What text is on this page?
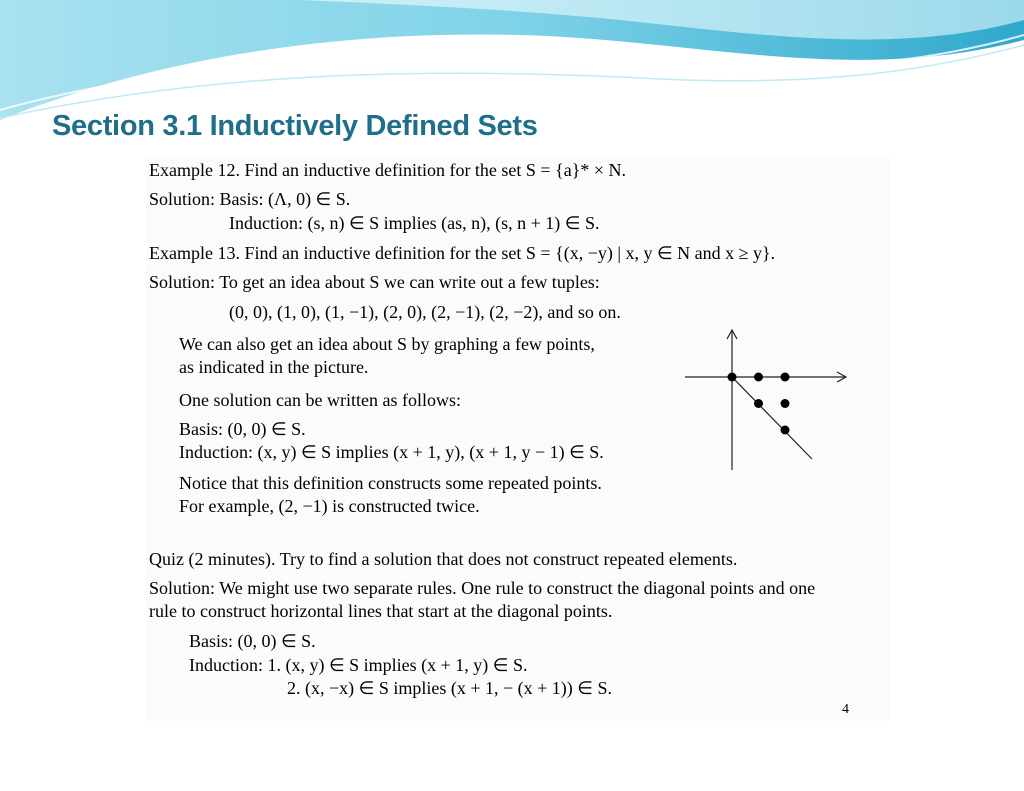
Section 3.1 Inductively Defined Sets
Example 12. Find an inductive definition for the set S = {a}* × N.
Solution: Basis: (Λ, 0) ∈ S.
Induction: (s, n) ∈ S implies (as, n), (s, n + 1) ∈ S.
Example 13. Find an inductive definition for the set S = {(x, −y) | x, y ∈ N and x ≥ y}.
Solution: To get an idea about S we can write out a few tuples:
(0, 0), (1, 0), (1, −1), (2, 0), (2, −1), (2, −2), and so on.
We can also get an idea about S by graphing a few points,
as indicated in the picture.
One solution can be written as follows:
Basis: (0, 0) ∈ S.
Induction: (x, y) ∈ S implies (x + 1, y), (x + 1, y − 1) ∈ S.
Notice that this definition constructs some repeated points.
For example, (2, −1) is constructed twice.
Quiz (2 minutes). Try to find a solution that does not construct repeated elements.
Solution: We might use two separate rules. One rule to construct the diagonal points and one
rule to construct horizontal lines that start at the diagonal points.
Basis: (0, 0) ∈ S.
Induction: 1. (x, y) ∈ S implies (x + 1, y) ∈ S.
2. (x, −x) ∈ S implies (x + 1, − (x + 1)) ∈ S.
4
